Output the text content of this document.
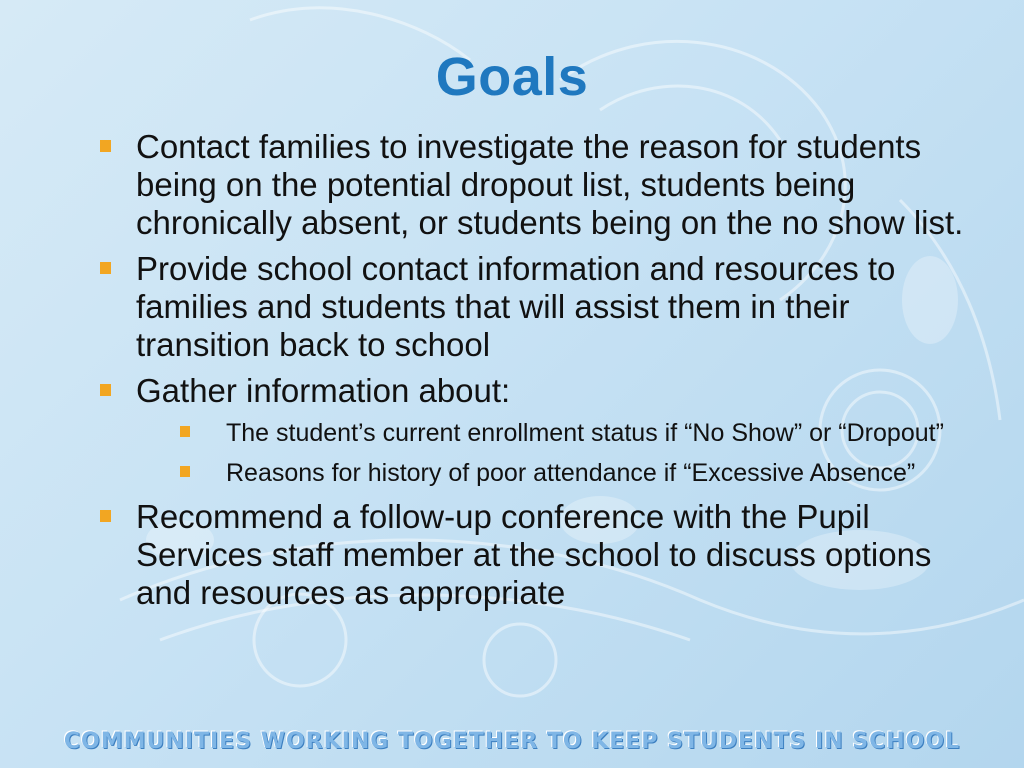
Goals
Contact families to investigate the reason for students being on the potential dropout list, students being chronically absent, or students being on the no show list.
Provide school contact information and resources to families and students that will assist them in their transition back to school
Gather information about:
The student’s current enrollment status if “No Show” or “Dropout”
Reasons for history of poor attendance if “Excessive Absence”
Recommend a follow-up conference with the Pupil Services staff member at the school to discuss options and resources as appropriate
COMMUNITIES WORKING TOGETHER TO KEEP STUDENTS IN SCHOOL
